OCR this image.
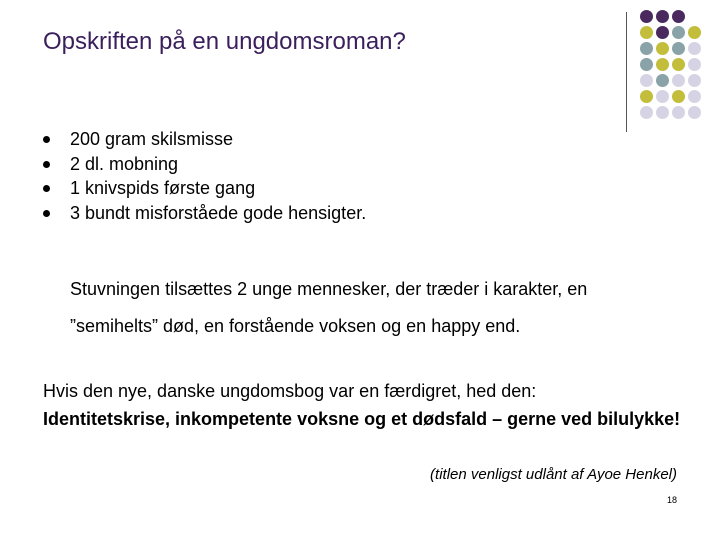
Opskriften på en ungdomsroman?
200 gram skilsmisse
2 dl. mobning
1 knivspids første gang
3 bundt misforståede gode hensigter.
Stuvningen tilsættes 2 unge mennesker, der træder i karakter, en
”semihelts” død, en forstående voksen og en happy end.
Hvis den nye, danske ungdomsbog var en færdigret, hed den:
Identitetskrise, inkompetente voksne og et dødsfald – gerne ved bilulykke!
(titlen venligst udlånt af Ayoe Henkel)
18
